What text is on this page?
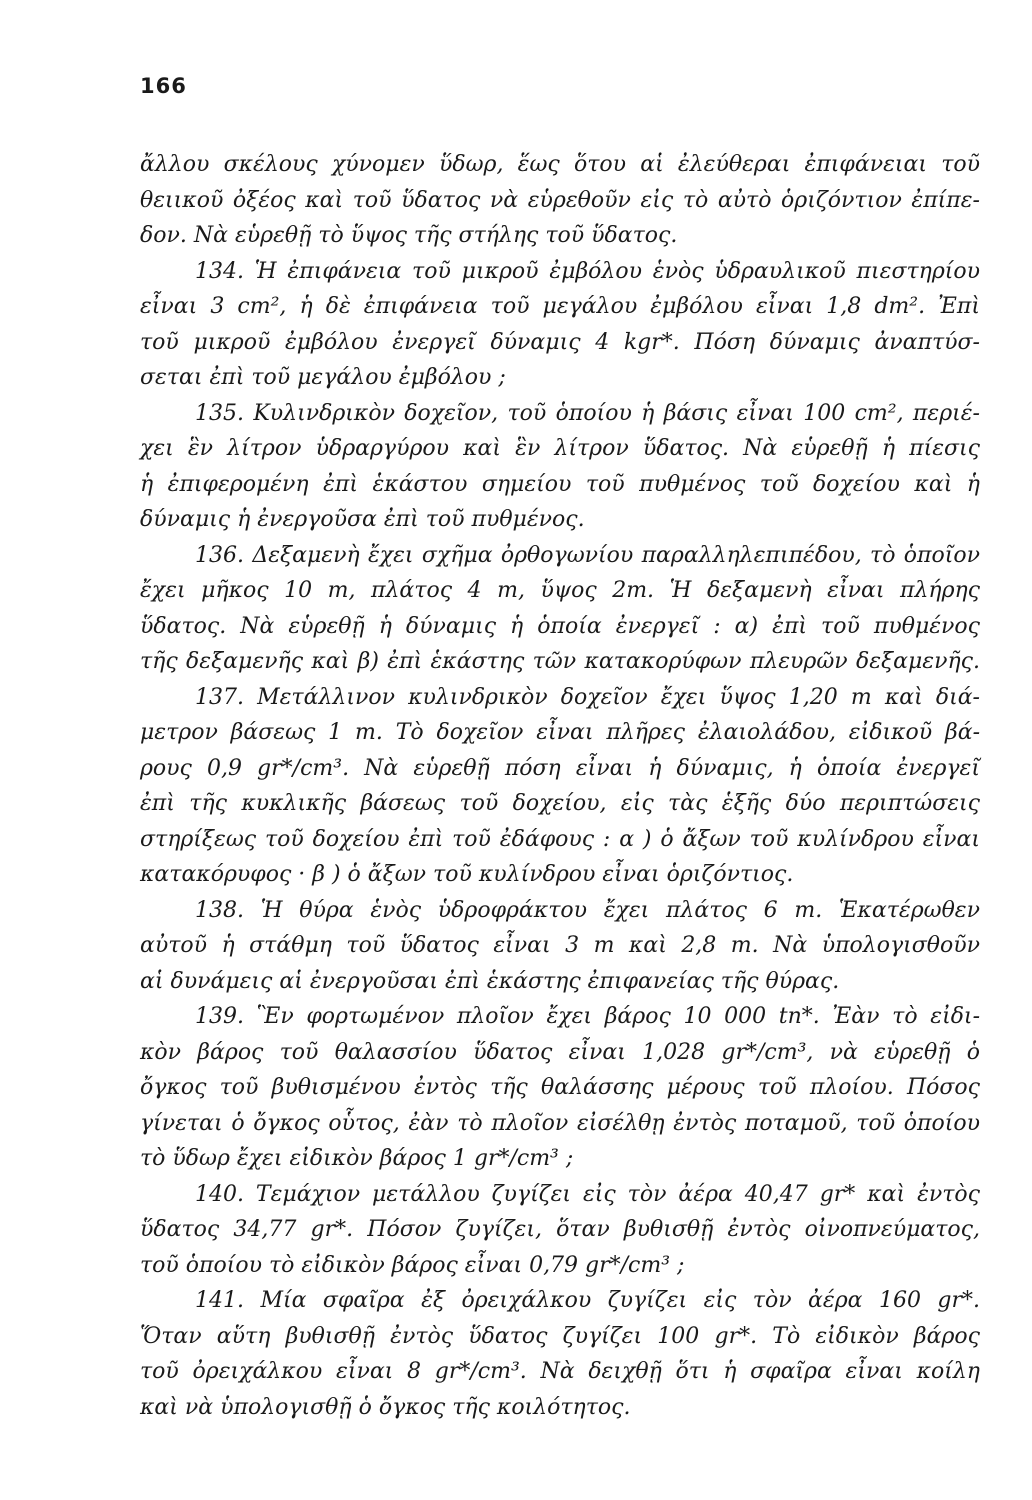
166
ἄλλου σκέλους χύνομεν ὕδωρ, ἕως ὅτου αἱ ἐλεύθεραι ἐπιφάνειαι τοῦ
θειικοῦ ὀξέος καὶ τοῦ ὕδατος νὰ εὑρεθοῦν εἰς τὸ αὐτὸ ὁριζόντιον ἐπίπε-
δον. Νὰ εὑρεθῇ τὸ ὕψος τῆς στήλης τοῦ ὕδατος.
134. Ἡ ἐπιφάνεια τοῦ μικροῦ ἐμβόλου ἑνὸς ὑδραυλικοῦ πιεστηρίου
εἶναι 3 cm², ἡ δὲ ἐπιφάνεια τοῦ μεγάλου ἐμβόλου εἶναι 1,8 dm². Ἐπὶ
τοῦ μικροῦ ἐμβόλου ἐνεργεῖ δύναμις 4 kgr*. Πόση δύναμις ἀναπτύσ-
σεται ἐπὶ τοῦ μεγάλου ἐμβόλου ;
135. Κυλινδρικὸν δοχεῖον, τοῦ ὁποίου ἡ βάσις εἶναι 100 cm², περιέ-
χει ἓν λίτρον ὑδραργύρου καὶ ἓν λίτρον ὕδατος. Νὰ εὑρεθῇ ἡ πίεσις
ἡ ἐπιφερομένη ἐπὶ ἑκάστου σημείου τοῦ πυθμένος τοῦ δοχείου καὶ ἡ
δύναμις ἡ ἐνεργοῦσα ἐπὶ τοῦ πυθμένος.
136. Δεξαμενὴ ἔχει σχῆμα ὀρθογωνίου παραλληλεπιπέδου, τὸ ὁποῖον
ἔχει μῆκος 10 m, πλάτος 4 m, ὕψος 2m. Ἡ δεξαμενὴ εἶναι πλήρης
ὕδατος. Νὰ εὑρεθῇ ἡ δύναμις ἡ ὁποία ἐνεργεῖ : α) ἐπὶ τοῦ πυθμένος
τῆς δεξαμενῆς καὶ β) ἐπὶ ἑκάστης τῶν κατακορύφων πλευρῶν δεξαμενῆς.
137. Μετάλλινον κυλινδρικὸν δοχεῖον ἔχει ὕψος 1,20 m καὶ διά-
μετρον βάσεως 1 m. Τὸ δοχεῖον εἶναι πλῆρες ἐλαιολάδου, εἰδικοῦ βά-
ρους 0,9 gr*/cm³. Νὰ εὑρεθῇ πόση εἶναι ἡ δύναμις, ἡ ὁποία ἐνεργεῖ
ἐπὶ τῆς κυκλικῆς βάσεως τοῦ δοχείου, εἰς τὰς ἑξῆς δύο περιπτώσεις
στηρίξεως τοῦ δοχείου ἐπὶ τοῦ ἐδάφους : α ) ὁ ἄξων τοῦ κυλίνδρου εἶναι
κατακόρυφος · β ) ὁ ἄξων τοῦ κυλίνδρου εἶναι ὁριζόντιος.
138. Ἡ θύρα ἑνὸς ὑδροφράκτου ἔχει πλάτος 6 m. Ἑκατέρωθεν
αὐτοῦ ἡ στάθμη τοῦ ὕδατος εἶναι 3 m καὶ 2,8 m. Νὰ ὑπολογισθοῦν
αἱ δυνάμεις αἱ ἐνεργοῦσαι ἐπὶ ἑκάστης ἐπιφανείας τῆς θύρας.
139. Ἓν φορτωμένον πλοῖον ἔχει βάρος 10 000 tn*. Ἐὰν τὸ εἰδι-
κὸν βάρος τοῦ θαλασσίου ὕδατος εἶναι 1,028 gr*/cm³, νὰ εὑρεθῇ ὁ
ὄγκος τοῦ βυθισμένου ἐντὸς τῆς θαλάσσης μέρους τοῦ πλοίου. Πόσος
γίνεται ὁ ὄγκος οὗτος, ἐὰν τὸ πλοῖον εἰσέλθῃ ἐντὸς ποταμοῦ, τοῦ ὁποίου
τὸ ὕδωρ ἔχει εἰδικὸν βάρος 1 gr*/cm³ ;
140. Τεμάχιον μετάλλου ζυγίζει εἰς τὸν ἀέρα 40,47 gr* καὶ ἐντὸς
ὕδατος 34,77 gr*. Πόσον ζυγίζει, ὅταν βυθισθῇ ἐντὸς οἰνοπνεύματος,
τοῦ ὁποίου τὸ εἰδικὸν βάρος εἶναι 0,79 gr*/cm³ ;
141. Μία σφαῖρα ἐξ ὀρειχάλκου ζυγίζει εἰς τὸν ἀέρα 160 gr*.
Ὅταν αὕτη βυθισθῇ ἐντὸς ὕδατος ζυγίζει 100 gr*. Τὸ εἰδικὸν βάρος
τοῦ ὀρειχάλκου εἶναι 8 gr*/cm³. Νὰ δειχθῇ ὅτι ἡ σφαῖρα εἶναι κοίλη
καὶ νὰ ὑπολογισθῇ ὁ ὄγκος τῆς κοιλότητος.
